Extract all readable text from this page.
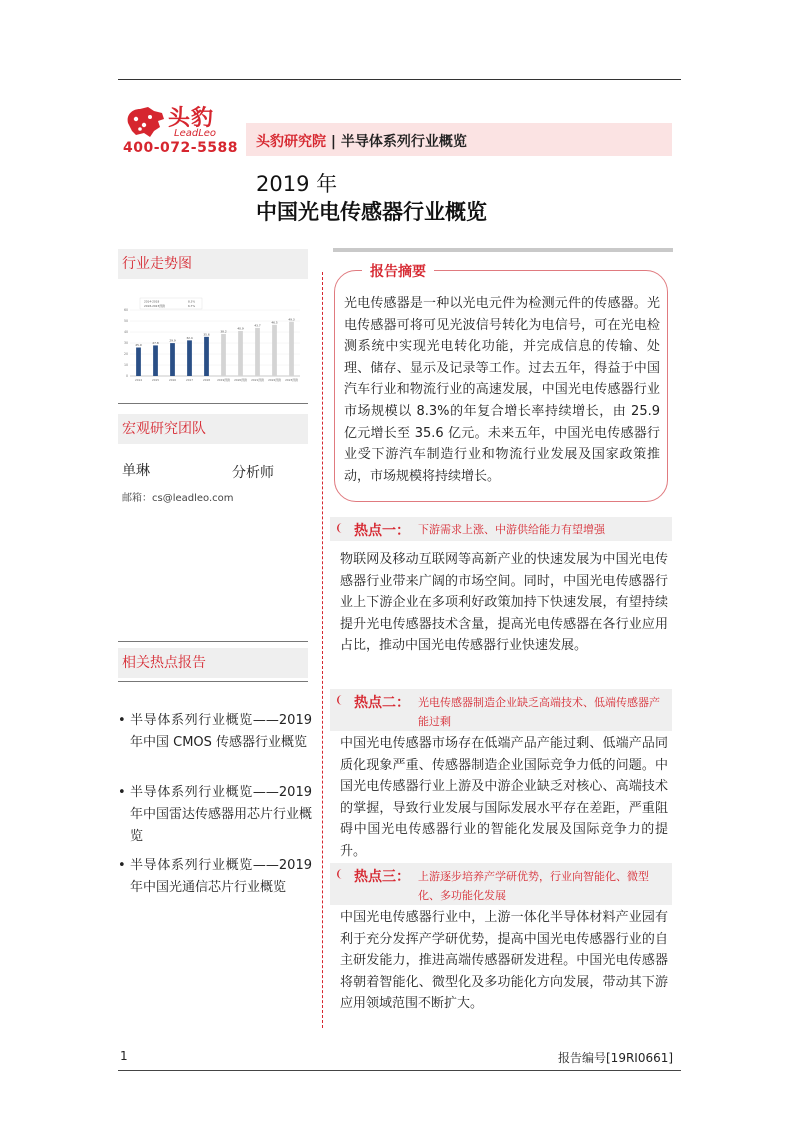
头豹
LeadLeo
400-072-5588 头豹研究院 | 半导体系列行业概览
2019 年
中国光电传感器行业概览
行业走势图
0
10
20
30
40
50
60
25.9
2014
27.8
2015
29.9
2016
32.4
2017
35.6
2018
38.2
2019预测
40.9
2020预测
43.7
2021预测
46.5
2022预测
49.3
2023预测
2014-2018	8.3%
2018-2023预测	6.7%
宏观研究团队
单琳	分析师
邮箱：cs@leadleo.com
相关热点报告
• 半导体系列行业概览——2019 年中国 CMOS 传感器行业概览
• 半导体系列行业概览——2019 年中国雷达传感器用芯片行业概览
• 半导体系列行业概览——2019 年中国光通信芯片行业概览
报告摘要
光电传感器是一种以光电元件为检测元件的传感器。光电传感器可将可见光波信号转化为电信号，可在光电检测系统中实现光电转化功能，并完成信息的传输、处理、储存、显示及记录等工作。过去五年，得益于中国汽车行业和物流行业的高速发展，中国光电传感器行业市场规模以 8.3%的年复合增长率持续增长，由 25.9 亿元增长至 35.6 亿元。未来五年，中国光电传感器行业受下游汽车制造行业和物流行业发展及国家政策推动，市场规模将持续增长。
热点一： 下游需求上涨、中游供给能力有望增强
物联网及移动互联网等高新产业的快速发展为中国光电传感器行业带来广阔的市场空间。同时，中国光电传感器行业上下游企业在多项利好政策加持下快速发展，有望持续提升光电传感器技术含量，提高光电传感器在各行业应用占比，推动中国光电传感器行业快速发展。
热点二： 光电传感器制造企业缺乏高端技术、低端传感器产能过剩
中国光电传感器市场存在低端产品产能过剩、低端产品同质化现象严重、传感器制造企业国际竞争力低的问题。中国光电传感器行业上游及中游企业缺乏对核心、高端技术的掌握，导致行业发展与国际发展水平存在差距，严重阻碍中国光电传感器行业的智能化发展及国际竞争力的提升。
热点三： 上游逐步培养产学研优势，行业向智能化、微型化、多功能化发展
中国光电传感器行业中，上游一体化半导体材料产业园有利于充分发挥产学研优势，提高中国光电传感器行业的自主研发能力，推进高端传感器研发进程。中国光电传感器将朝着智能化、微型化及多功能化方向发展，带动其下游应用领域范围不断扩大。
1	报告编号[19RI0661]
